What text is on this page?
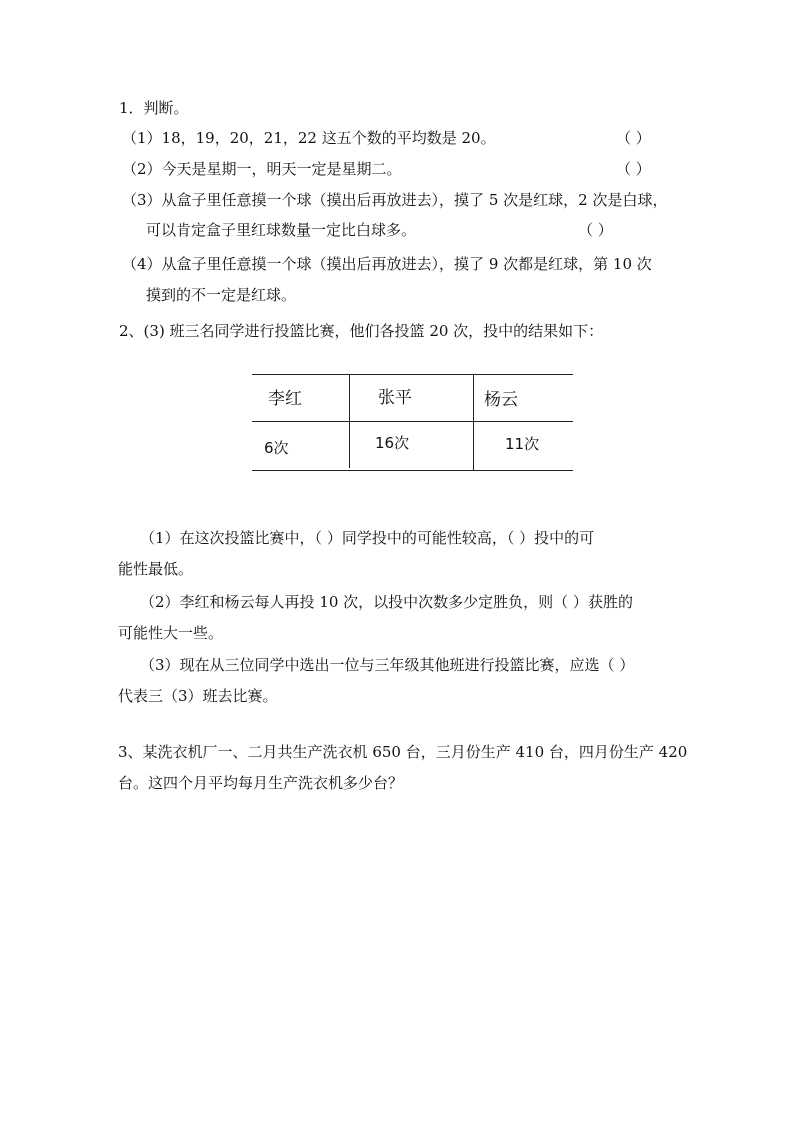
1．判断。
（1）18，19，20，21，22 这五个数的平均数是 20。	（ ）
（2）今天是星期一，明天一定是星期二。	（ ）
（3）从盒子里任意摸一个球（摸出后再放进去），摸了 5 次是红球，2 次是白球，
可以肯定盒子里红球数量一定比白球多。	（ ）
（4）从盒子里任意摸一个球（摸出后再放进去），摸了 9 次都是红球，第 10 次
摸到的不一定是红球。
2、(3) 班三名同学进行投篮比赛，他们各投篮 20 次，投中的结果如下：
李红	张平	杨云
6次	16次	11次
（1）在这次投篮比赛中，（ ）同学投中的可能性较高，（ ）投中的可
能性最低。
（2）李红和杨云每人再投 10 次，以投中次数多少定胜负，则（ ）获胜的
可能性大一些。
（3）现在从三位同学中选出一位与三年级其他班进行投篮比赛，应选（ ）
代表三（3）班去比赛。
3、某洗衣机厂一、二月共生产洗衣机 650 台，三月份生产 410 台，四月份生产 420
台。这四个月平均每月生产洗衣机多少台？
